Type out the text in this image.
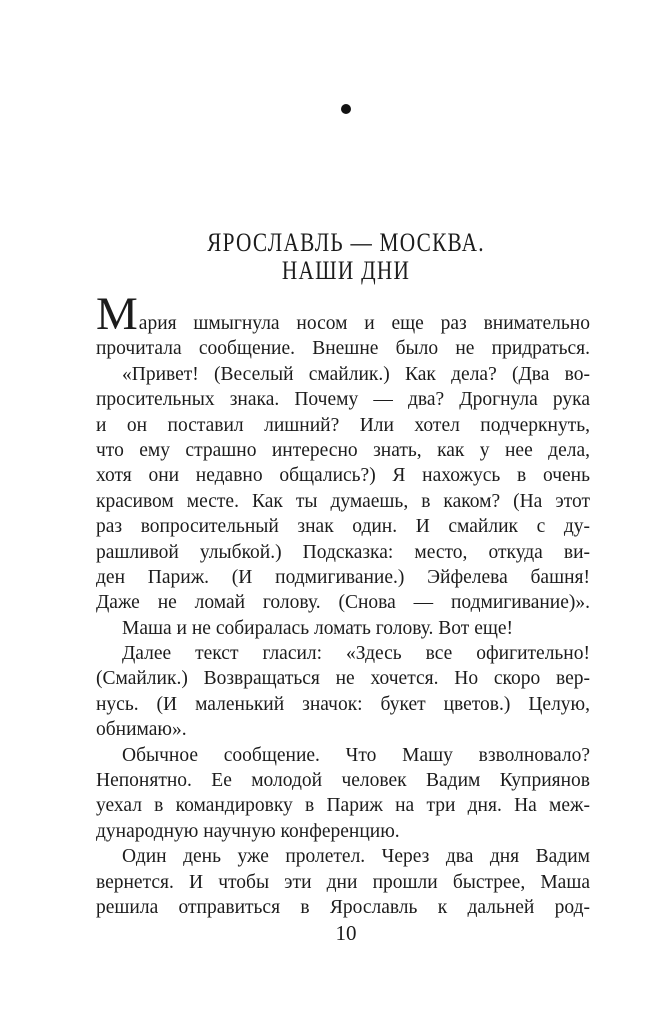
ЯРОСЛАВЛЬ — МОСКВА.
НАШИ ДНИ
Мария шмыгнула носом и еще раз внимательно
прочитала сообщение. Внешне было не придраться.
«Привет! (Веселый смайлик.) Как дела? (Два во-
просительных знака. Почему — два? Дрогнула рука
и он поставил лишний? Или хотел подчеркнуть,
что ему страшно интересно знать, как у нее дела,
хотя они недавно общались?) Я нахожусь в очень
красивом месте. Как ты думаешь, в каком? (На этот
раз вопросительный знак один. И смайлик с ду-
рашливой улыбкой.) Подсказка: место, откуда ви-
ден Париж. (И подмигивание.) Эйфелева башня!
Даже не ломай голову. (Снова — подмигивание)».
Маша и не собиралась ломать голову. Вот еще!
Далее текст гласил: «Здесь все офигительно!
(Смайлик.) Возвращаться не хочется. Но скоро вер-
нусь. (И маленький значок: букет цветов.) Целую,
обнимаю».
Обычное сообщение. Что Машу взволновало?
Непонятно. Ее молодой человек Вадим Куприянов
уехал в командировку в Париж на три дня. На меж-
дународную научную конференцию.
Один день уже пролетел. Через два дня Вадим
вернется. И чтобы эти дни прошли быстрее, Маша
решила отправиться в Ярославль к дальней род-
10
